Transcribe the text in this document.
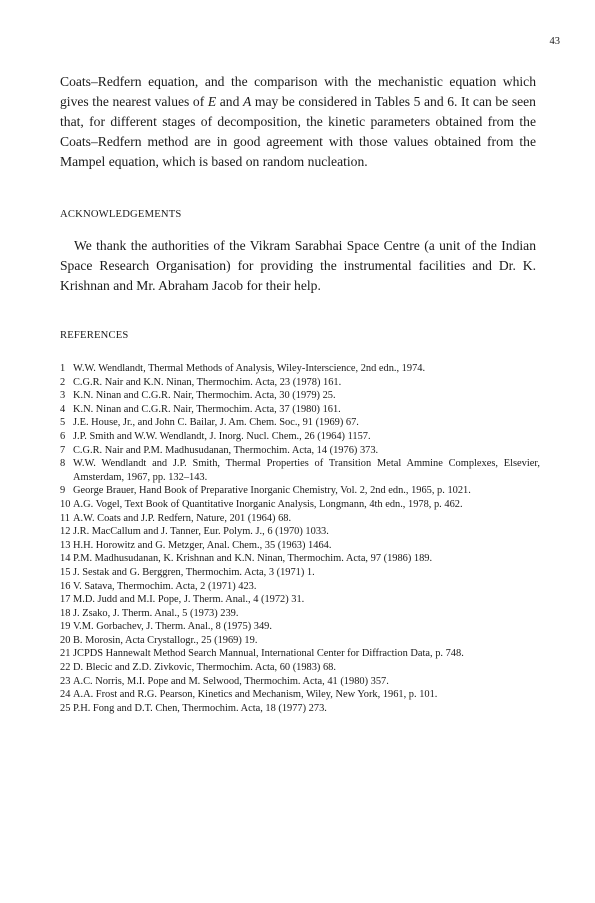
43

Coats–Redfern equation, and the comparison with the mechanistic equation which gives the nearest values of E and A may be considered in Tables 5 and 6. It can be seen that, for different stages of decomposition, the kinetic parameters obtained from the Coats–Redfern method are in good agreement with those values obtained from the Mampel equation, which is based on random nucleation.

ACKNOWLEDGEMENTS

We thank the authorities of the Vikram Sarabhai Space Centre (a unit of the Indian Space Research Organisation) for providing the instrumental facilities and Dr. K. Krishnan and Mr. Abraham Jacob for their help.

REFERENCES
1 W.W. Wendlandt, Thermal Methods of Analysis, Wiley-Interscience, 2nd edn., 1974.
2 C.G.R. Nair and K.N. Ninan, Thermochim. Acta, 23 (1978) 161.
3 K.N. Ninan and C.G.R. Nair, Thermochim. Acta, 30 (1979) 25.
4 K.N. Ninan and C.G.R. Nair, Thermochim. Acta, 37 (1980) 161.
5 J.E. House, Jr., and John C. Bailar, J. Am. Chem. Soc., 91 (1969) 67.
6 J.P. Smith and W.W. Wendlandt, J. Inorg. Nucl. Chem., 26 (1964) 1157.
7 C.G.R. Nair and P.M. Madhusudanan, Thermochim. Acta, 14 (1976) 373.
8 W.W. Wendlandt and J.P. Smith, Thermal Properties of Transition Metal Ammine Complexes, Elsevier, Amsterdam, 1967, pp. 132–143.
9 George Brauer, Hand Book of Preparative Inorganic Chemistry, Vol. 2, 2nd edn., 1965, p. 1021.
10 A.G. Vogel, Text Book of Quantitative Inorganic Analysis, Longmann, 4th edn., 1978, p. 462.
11 A.W. Coats and J.P. Redfern, Nature, 201 (1964) 68.
12 J.R. MacCallum and J. Tanner, Eur. Polym. J., 6 (1970) 1033.
13 H.H. Horowitz and G. Metzger, Anal. Chem., 35 (1963) 1464.
14 P.M. Madhusudanan, K. Krishnan and K.N. Ninan, Thermochim. Acta, 97 (1986) 189.
15 J. Sestak and G. Berggren, Thermochim. Acta, 3 (1971) 1.
16 V. Satava, Thermochim. Acta, 2 (1971) 423.
17 M.D. Judd and M.I. Pope, J. Therm. Anal., 4 (1972) 31.
18 J. Zsako, J. Therm. Anal., 5 (1973) 239.
19 V.M. Gorbachev, J. Therm. Anal., 8 (1975) 349.
20 B. Morosin, Acta Crystallogr., 25 (1969) 19.
21 JCPDS Hannewalt Method Search Mannual, International Center for Diffraction Data, p. 748.
22 D. Blecic and Z.D. Zivkovic, Thermochim. Acta, 60 (1983) 68.
23 A.C. Norris, M.I. Pope and M. Selwood, Thermochim. Acta, 41 (1980) 357.
24 A.A. Frost and R.G. Pearson, Kinetics and Mechanism, Wiley, New York, 1961, p. 101.
25 P.H. Fong and D.T. Chen, Thermochim. Acta, 18 (1977) 273.
